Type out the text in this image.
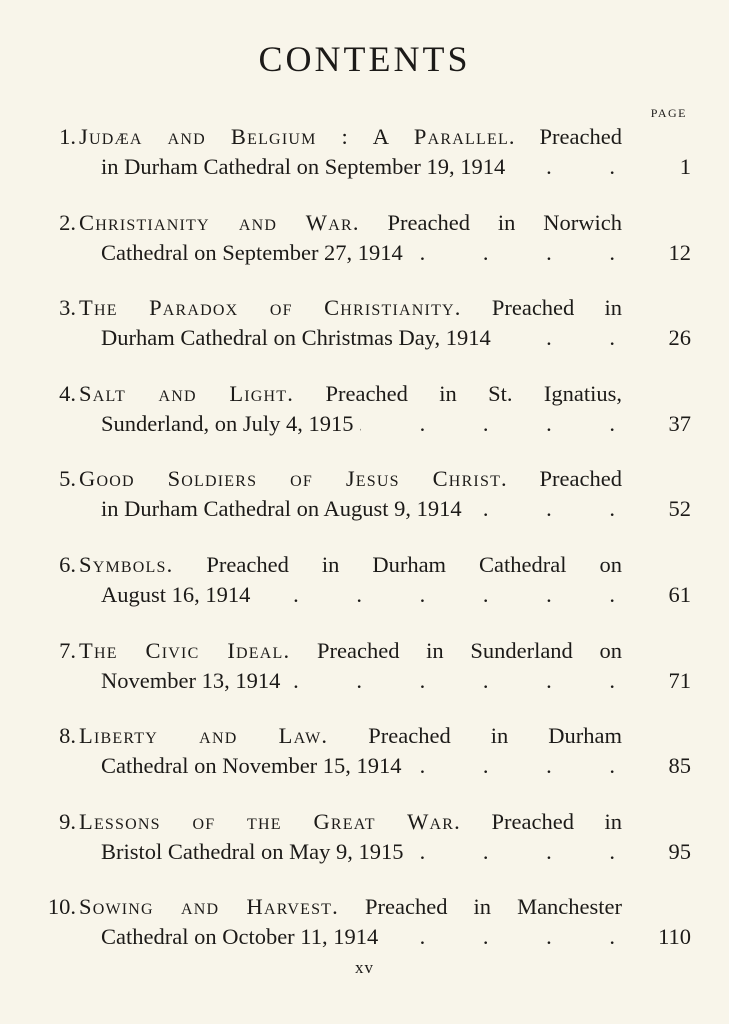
CONTENTS
PAGE
1. Judæa and Belgium : A Parallel. Preached
in Durham Cathedral on September 19, 1914 . . .	1
2. Christianity and War. Preached in Norwich
Cathedral on September 27, 1914 . . .	12
3. The Paradox of Christianity. Preached in
Durham Cathedral on Christmas Day, 1914 . . .	26
4. Salt and Light. Preached in St. Ignatius,
Sunderland, on July 4, 1915 . . .	37
5. Good Soldiers of Jesus Christ. Preached
in Durham Cathedral on August 9, 1914 . . .	52
6. Symbols. Preached in Durham Cathedral on
August 16, 1914 . . .	61
7. The Civic Ideal. Preached in Sunderland on
November 13, 1914 . . .	71
8. Liberty and Law. Preached in Durham
Cathedral on November 15, 1914 . . .	85
9. Lessons of the Great War. Preached in
Bristol Cathedral on May 9, 1915 . . .	95
10. Sowing and Harvest. Preached in Manchester
Cathedral on October 11, 1914 . . .	110
xv
